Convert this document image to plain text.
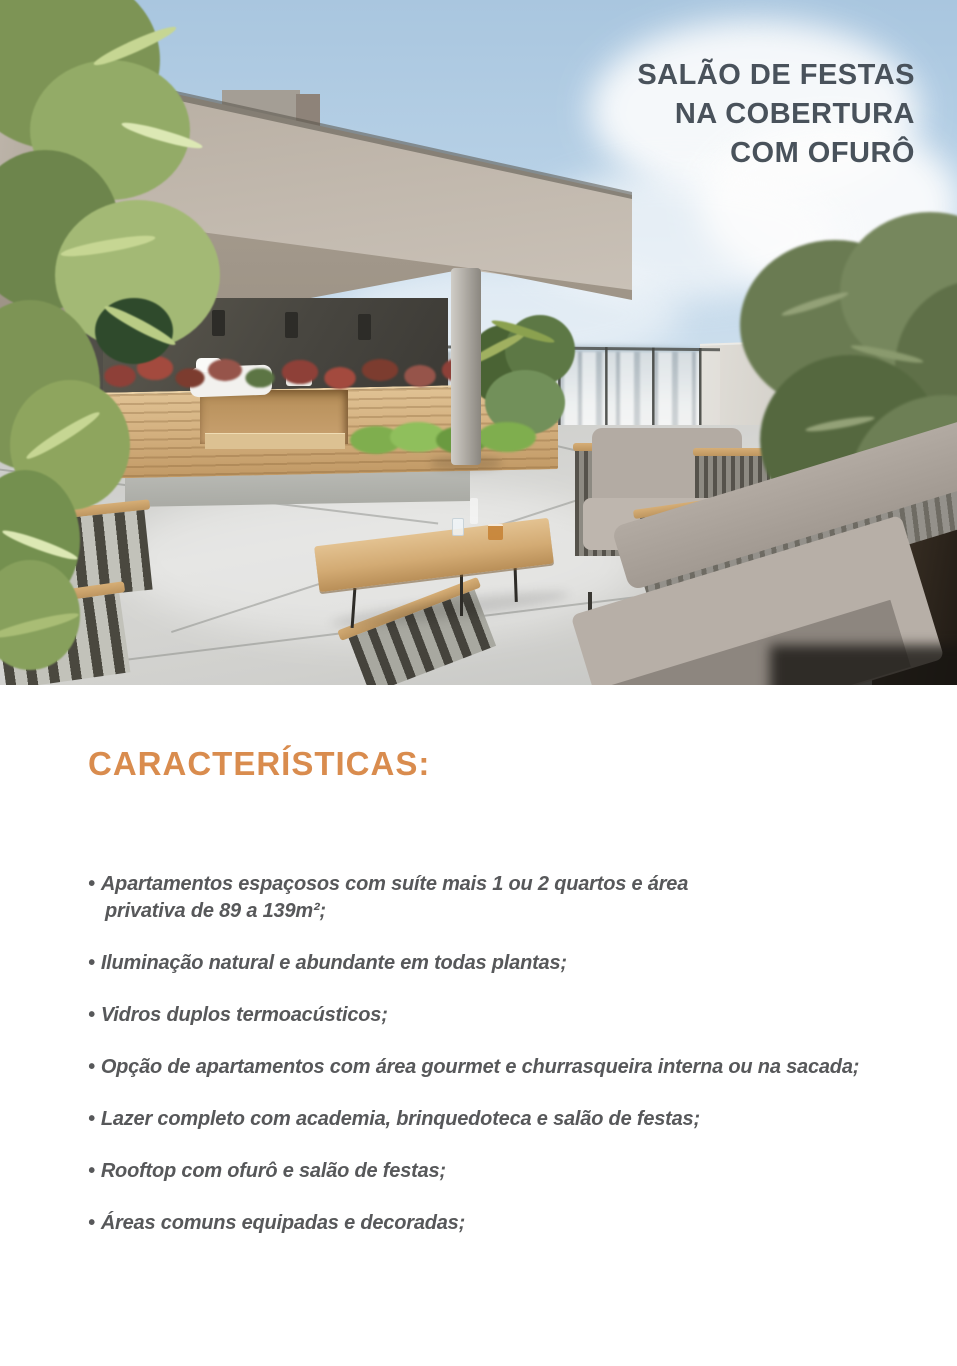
SALÃO DE FESTAS
NA COBERTURA
COM OFURÔ
CARACTERÍSTICAS:
• Apartamentos espaçosos com suíte mais 1 ou 2 quartos e área privativa de 89 a 139m²;
• Iluminação natural e abundante em todas plantas;
• Vidros duplos termoacústicos;
• Opção de apartamentos com área gourmet e churrasqueira interna ou na sacada;
• Lazer completo com academia, brinquedoteca e salão de festas;
• Rooftop com ofurô e salão de festas;
• Áreas comuns equipadas e decoradas;
